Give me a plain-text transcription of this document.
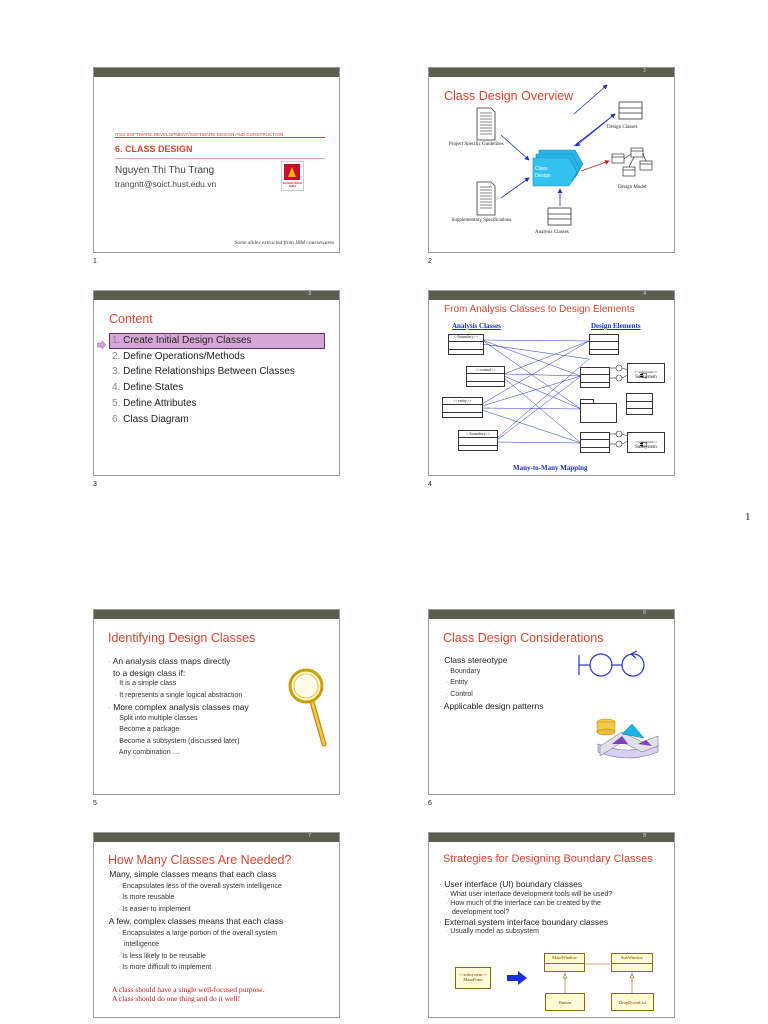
1
ITSS SOFTWARE DEVELOPMENT/SOFTWARE DESIGN AND CONSTRUCTION
6. CLASS DESIGN
Nguyen Thi Thu Trang
trangntt@soict.hust.edu.vn	ĐẠI HỌC BÁCH KHOA
Some slides extracted from IBM coursewares
1
2
Class Design Overview
Project Specific Guidelines
Supplementary Specifications
Class Design
Design Classes
Design Model
Analysis Classes
2
3
Content
1. Create Initial Design Classes
2. Define Operations/Methods
3. Define Relationships Between Classes
4. Define States
5. Define Attributes
6. Class Diagram
3
4
From Analysis Classes to Design Elements
Analysis Classes	Design Elements
<<boundary>>
<<control>>
<<entity>>
<<boundary>>
<<subsystem>>
Subsystem
<<subsystem>>
Subsystem
Many-to-Many Mapping
4
Identifying Design Classes
· An analysis class maps directly
to a design class if:
· It is a simple class
· It represents a single logical abstraction
· More complex analysis classes may
· Split into multiple classes
· Become a package
· Become a subsystem (discussed later)
· Any combination …
5
6
Class Design Considerations
· Class stereotype
· Boundary
· Entity
· Control
· Applicable design patterns
6
7
How Many Classes Are Needed?
· Many, simple classes means that each class
· Encapsulates less of the overall system intelligence
· Is more reusable
· Is easier to implement
· A few, complex classes means that each class
· Encapsulates a large portion of the overall system
intelligence
· Is less likely to be reusable
· Is more difficult to implement
A class should have a single well-focused purpose.
A class should do one thing and do it well!
8
Strategies for Designing Boundary Classes
· User interface (UI) boundary classes
· What user interface development tools will be used?
· How much of the interface can be created by the
development tool?
· External system interface boundary classes
· Usually model as subsystem
<<subsystem>>
MainForm
MainWindow	SubWindow
Button	DropDownList
